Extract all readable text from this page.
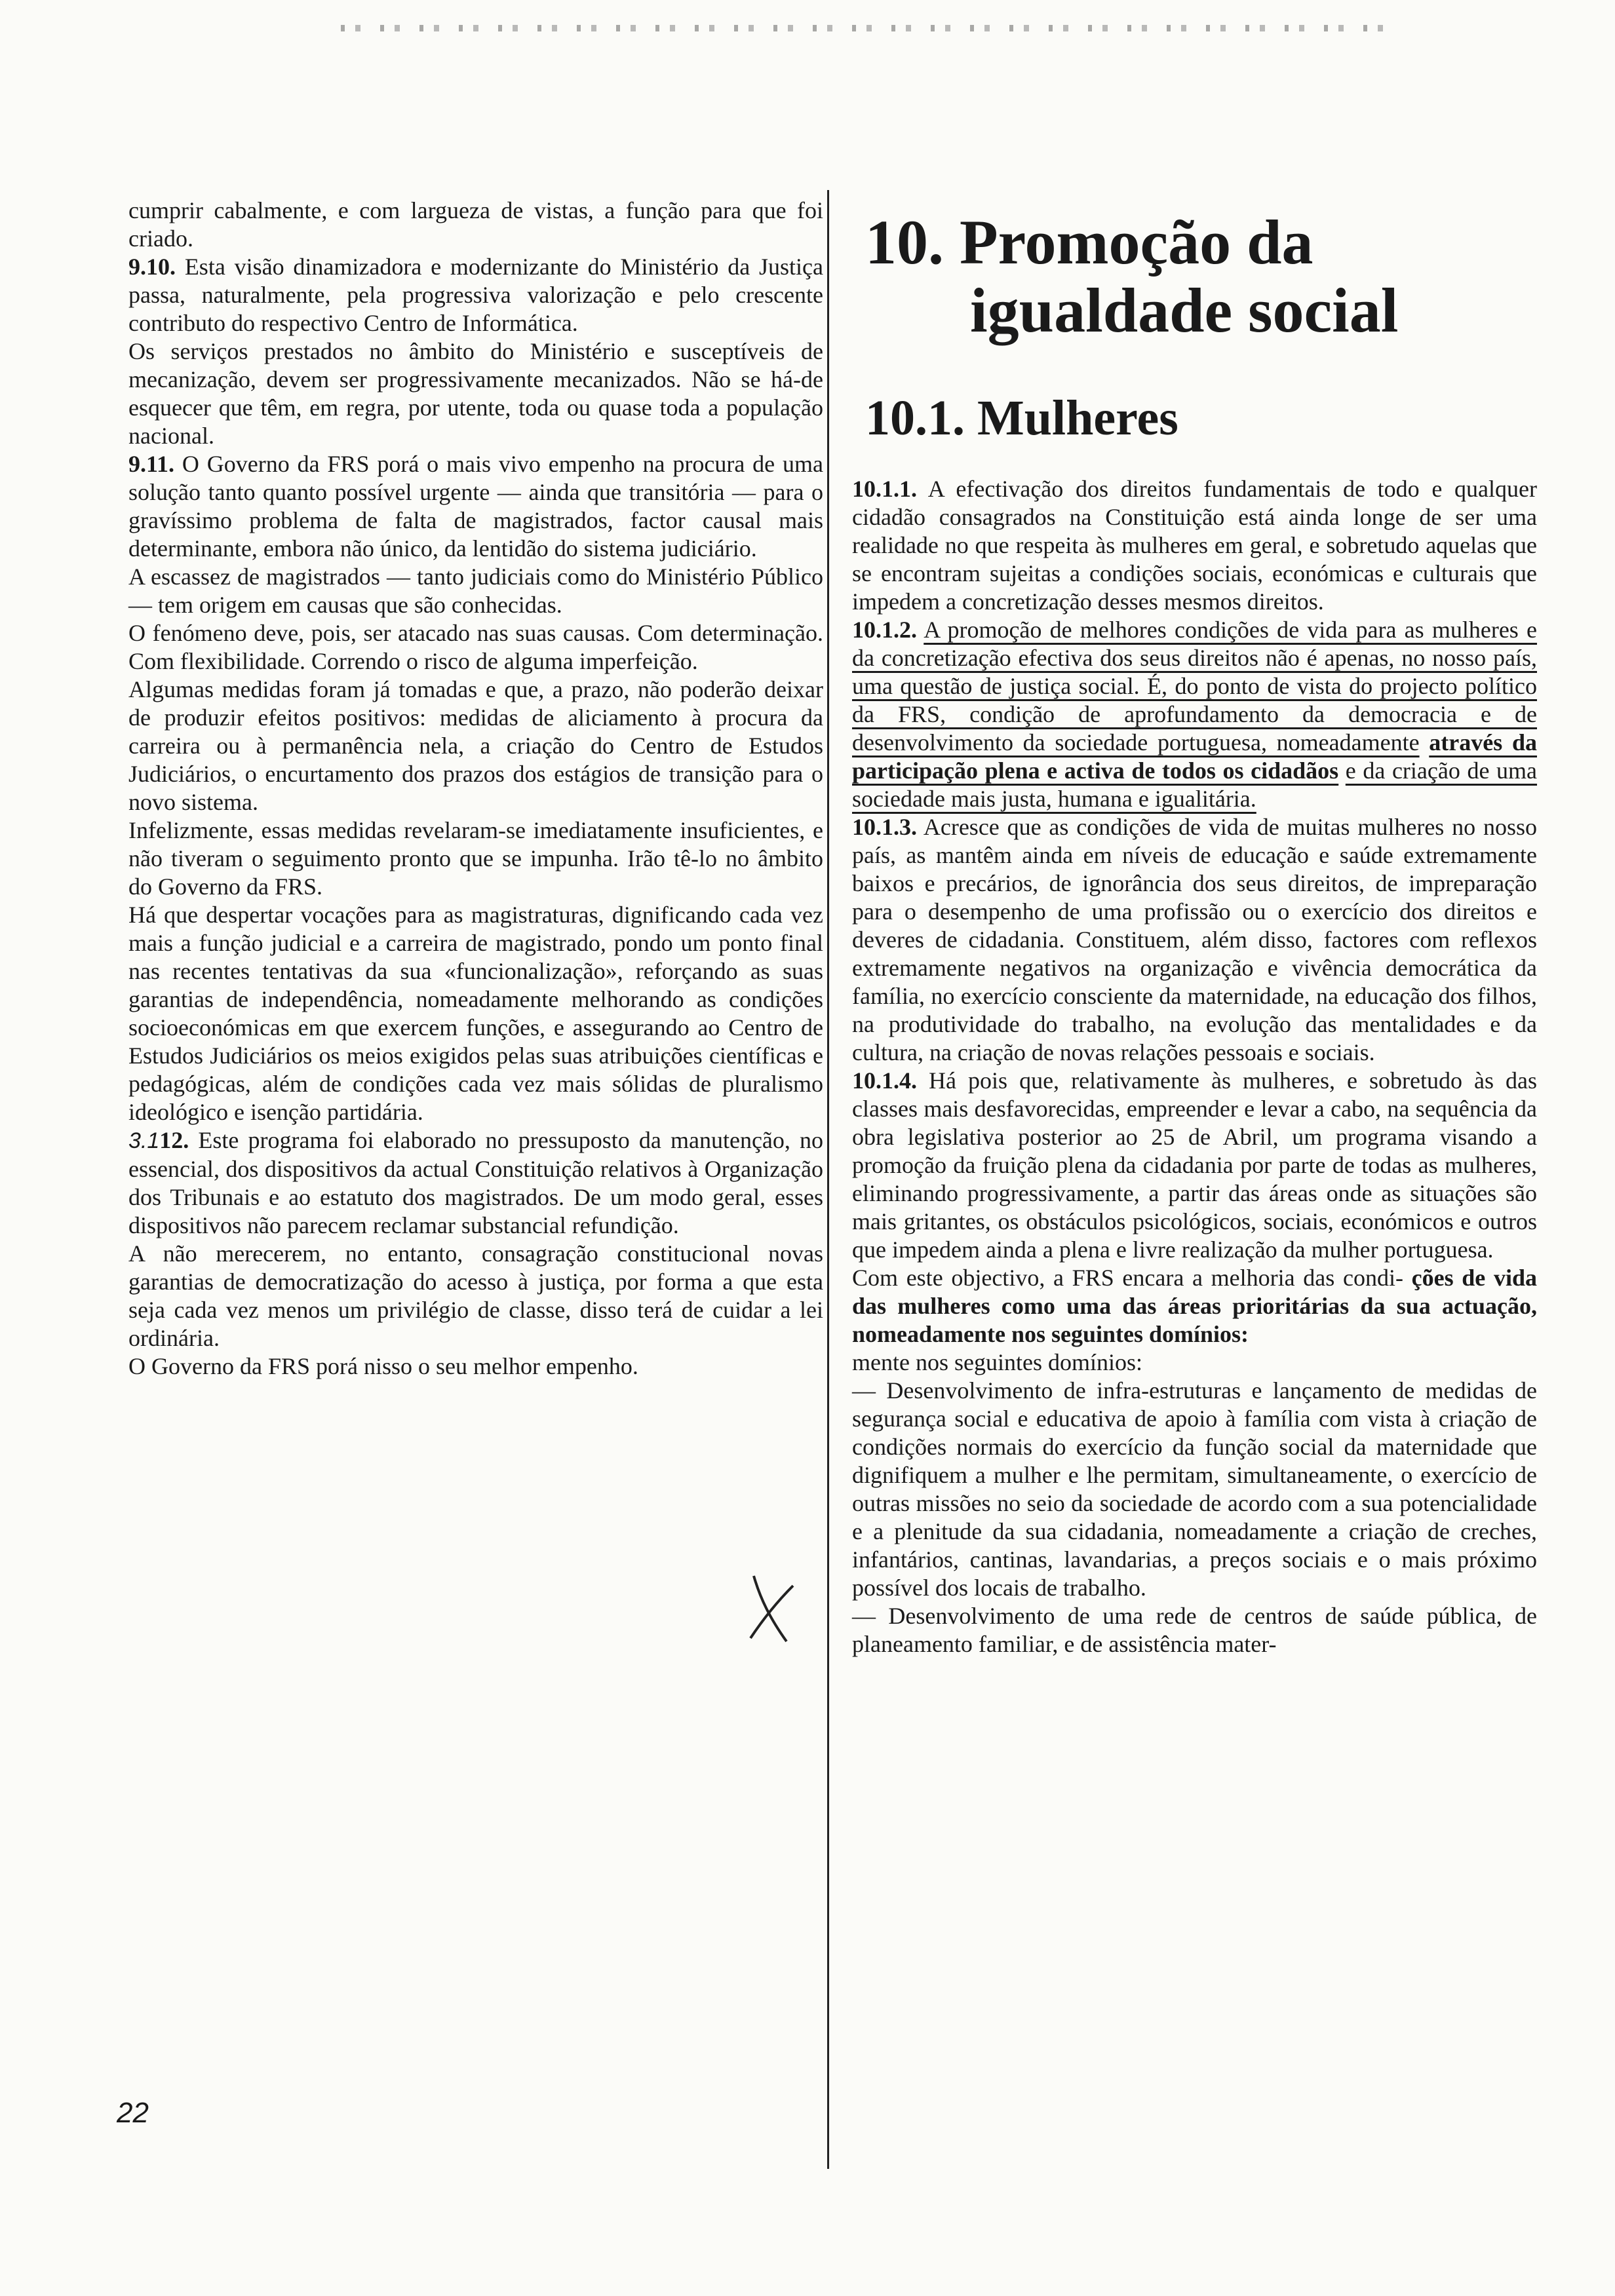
cumprir cabalmente, e com largueza de vistas, a função para que foi criado.

9.10. Esta visão dinamizadora e modernizante do Ministério da Justiça passa, naturalmente, pela progressiva valorização e pelo crescente contributo do respectivo Centro de Informática.

Os serviços prestados no âmbito do Ministério e susceptíveis de mecanização, devem ser progressivamente mecanizados. Não se há-de esquecer que têm, em regra, por utente, toda ou quase toda a população nacional.

9.11. O Governo da FRS porá o mais vivo empenho na procura de uma solução tanto quanto possível urgente — ainda que transitória — para o gravíssimo problema de falta de magistrados, factor causal mais determinante, embora não único, da lentidão do sistema judiciário.

A escassez de magistrados — tanto judiciais como do Ministério Público — tem origem em causas que são conhecidas.

O fenómeno deve, pois, ser atacado nas suas causas. Com determinação. Com flexibilidade. Correndo o risco de alguma imperfeição.

Algumas medidas foram já tomadas e que, a prazo, não poderão deixar de produzir efeitos positivos: medidas de aliciamento à procura da carreira ou à permanência nela, a criação do Centro de Estudos Judiciários, o encurtamento dos prazos dos estágios de transição para o novo sistema.

Infelizmente, essas medidas revelaram-se imediatamente insuficientes, e não tiveram o seguimento pronto que se impunha. Irão tê-lo no âmbito do Governo da FRS.

Há que despertar vocações para as magistraturas, dignificando cada vez mais a função judicial e a carreira de magistrado, pondo um ponto final nas recentes tentativas da sua «funcionalização», reforçando as suas garantias de independência, nomeadamente melhorando as condições socioeconómicas em que exercem funções, e assegurando ao Centro de Estudos Judiciários os meios exigidos pelas suas atribuições científicas e pedagógicas, além de condições cada vez mais sólidas de pluralismo ideológico e isenção partidária.

3.112. Este programa foi elaborado no pressuposto da manutenção, no essencial, dos dispositivos da actual Constituição relativos à Organização dos Tribunais e ao estatuto dos magistrados. De um modo geral, esses dispositivos não parecem reclamar substancial refundição.

A não merecerem, no entanto, consagração constitucional novas garantias de democratização do acesso à justiça, por forma a que esta seja cada vez menos um privilégio de classe, disso terá de cuidar a lei ordinária.

O Governo da FRS porá nisso o seu melhor empenho.

10. Promoção da
igualdade social
10.1. Mulheres

10.1.1. A efectivação dos direitos fundamentais de todo e qualquer cidadão consagrados na Constituição está ainda longe de ser uma realidade no que respeita às mulheres em geral, e sobretudo aquelas que se encontram sujeitas a condições sociais, económicas e culturais que impedem a concretização desses mesmos direitos.

10.1.2. A promoção de melhores condições de vida para as mulheres e da concretização efectiva dos seus direitos não é apenas, no nosso país, uma questão de justiça social. É, do ponto de vista do projecto político da FRS, condição de aprofundamento da democracia e de desenvolvimento da sociedade portuguesa, nomeadamente através da participação plena e activa de todos os cidadãos e da criação de uma sociedade mais justa, humana e igualitária.

10.1.3. Acresce que as condições de vida de muitas mulheres no nosso país, as mantêm ainda em níveis de educação e saúde extremamente baixos e precários, de ignorância dos seus direitos, de impreparação para o desempenho de uma profissão ou o exercício dos direitos e deveres de cidadania. Constituem, além disso, factores com reflexos extremamente negativos na organização e vivência democrática da família, no exercício consciente da maternidade, na educação dos filhos, na produtividade do trabalho, na evolução das mentalidades e da cultura, na criação de novas relações pessoais e sociais.

10.1.4. Há pois que, relativamente às mulheres, e sobretudo às das classes mais desfavorecidas, empreender e levar a cabo, na sequência da obra legislativa posterior ao 25 de Abril, um programa visando a promoção da fruição plena da cidadania por parte de todas as mulheres, eliminando progressivamente, a partir das áreas onde as situações são mais gritantes, os obstáculos psicológicos, sociais, económicos e outros que impedem ainda a plena e livre realização da mulher portuguesa.

Com este objectivo, a FRS encara a melhoria das condi- ções de vida das mulheres como uma das áreas prioritárias da sua actuação, nomeadamente nos seguintes domínios:

mente nos seguintes domínios:

— Desenvolvimento de infra-estruturas e lançamento de medidas de segurança social e educativa de apoio à família com vista à criação de condições normais do exercício da função social da maternidade que dignifiquem a mulher e lhe permitam, simultaneamente, o exercício de outras missões no seio da sociedade de acordo com a sua potencialidade e a plenitude da sua cidadania, nomeadamente a criação de creches, infantários, cantinas, lavandarias, a preços sociais e o mais próximo possível dos locais de trabalho.

— Desenvolvimento de uma rede de centros de saúde pública, de planeamento familiar, e de assistência mater-

22
